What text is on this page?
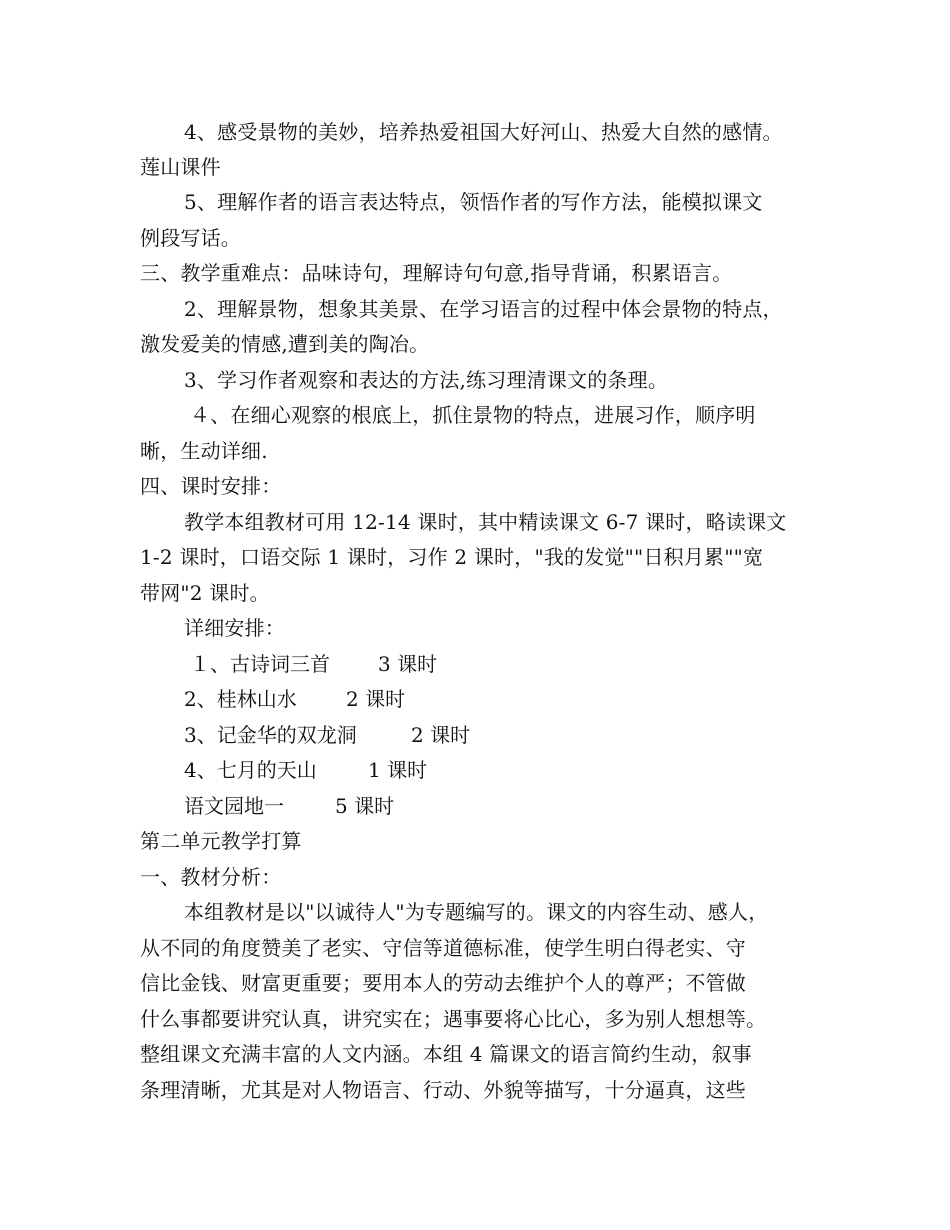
4、感受景物的美妙，培养热爱祖国大好河山、热爱大自然的感情。
莲山课件
5、理解作者的语言表达特点，领悟作者的写作方法，能模拟课文
例段写话。
三、教学重难点：品味诗句，理解诗句句意,指导背诵，积累语言。
2、理解景物，想象其美景、在学习语言的过程中体会景物的特点，
激发爱美的情感,遭到美的陶冶。
3、学习作者观察和表达的方法,练习理清课文的条理。
４、在细心观察的根底上，抓住景物的特点，进展习作，顺序明
晰，生动详细.
四、课时安排：
教学本组教材可用 12-14 课时，其中精读课文 6-7 课时，略读课文
1-2 课时，口语交际 1 课时，习作 2 课时，"我的发觉""日积月累""宽
带网"2 课时。
详细安排：
１、古诗词三首 3 课时
2、桂林山水 2 课时
3、记金华的双龙洞	2 课时
4、七月的天山	1 课时
语文园地一	5 课时
第二单元教学打算
一、教材分析：
本组教材是以"以诚待人"为专题编写的。课文的内容生动、感人，
从不同的角度赞美了老实、守信等道德标准，使学生明白得老实、守
信比金钱、财富更重要；要用本人的劳动去维护个人的尊严；不管做
什么事都要讲究认真，讲究实在；遇事要将心比心，多为别人想想等。
整组课文充满丰富的人文内涵。本组 4 篇课文的语言简约生动，叙事
条理清晰，尤其是对人物语言、行动、外貌等描写，十分逼真，这些
